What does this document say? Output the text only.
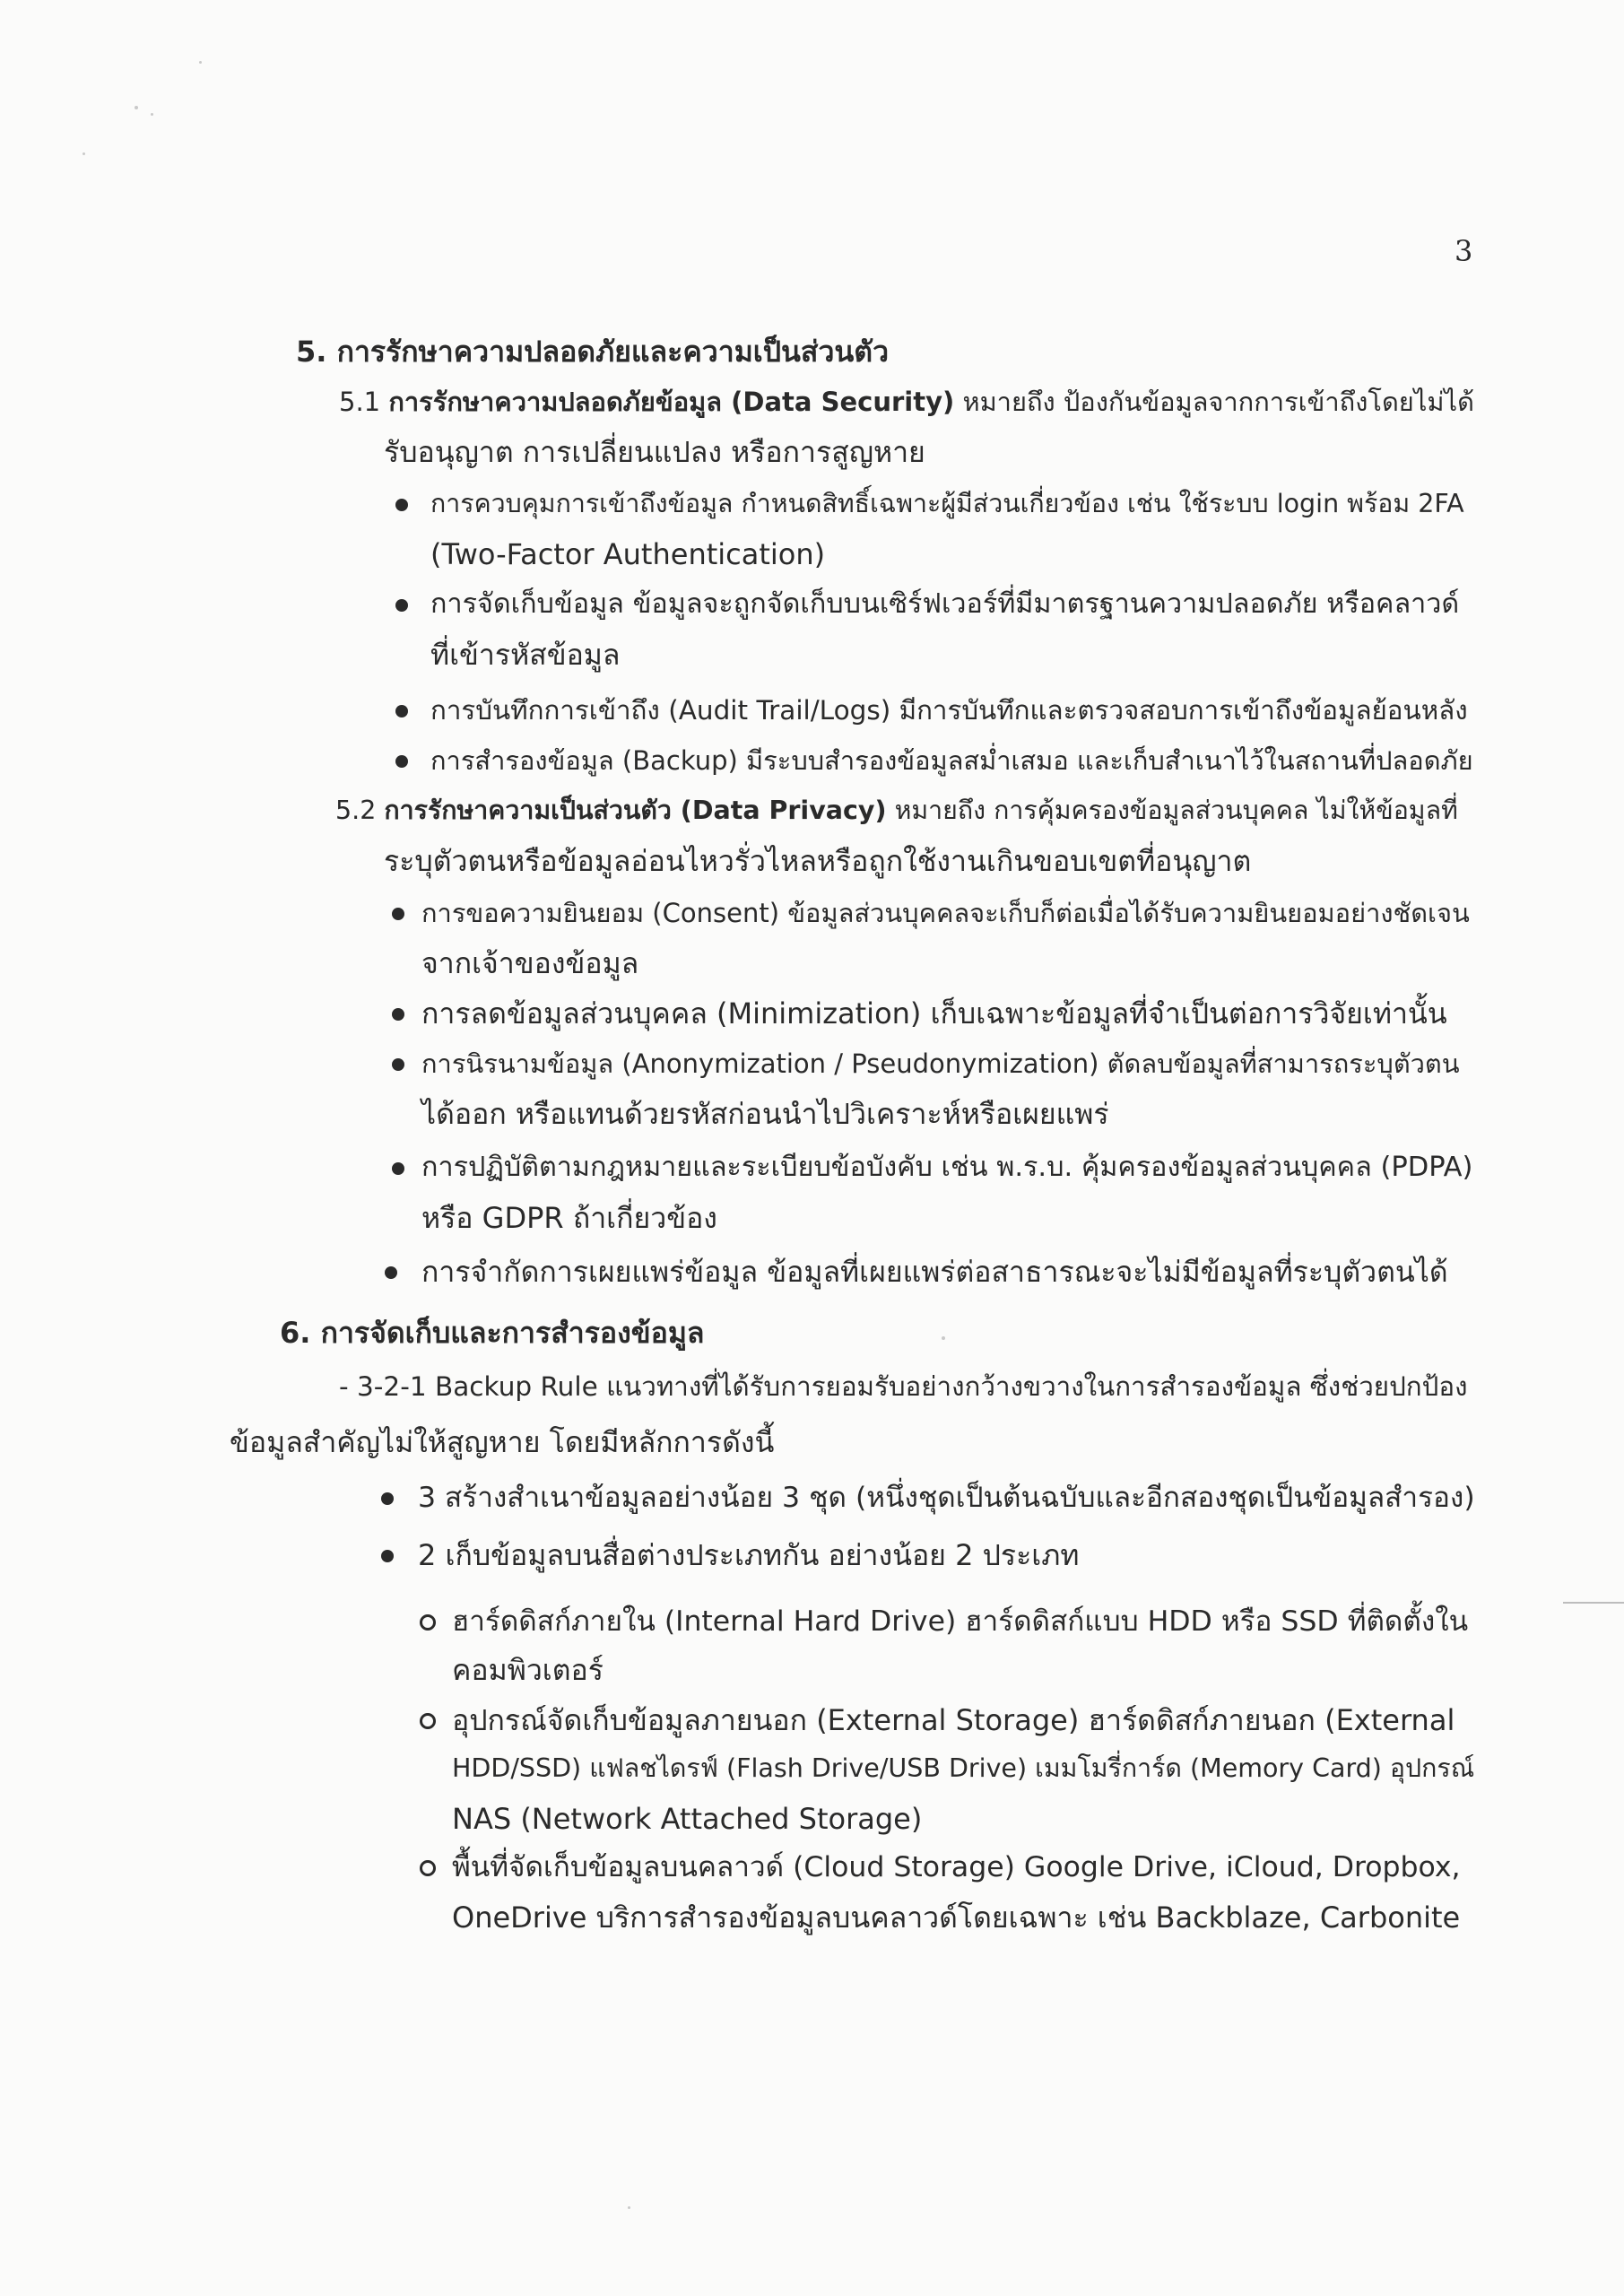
3
5. การรักษาความปลอดภัยและความเป็นส่วนตัว
5.1 การรักษาความปลอดภัยข้อมูล (Data Security) หมายถึง ป้องกันข้อมูลจากการเข้าถึงโดยไม่ได้
รับอนุญาต การเปลี่ยนแปลง หรือการสูญหาย
การควบคุมการเข้าถึงข้อมูล กำหนดสิทธิ์เฉพาะผู้มีส่วนเกี่ยวข้อง เช่น ใช้ระบบ login พร้อม 2FA
(Two-Factor Authentication)
การจัดเก็บข้อมูล ข้อมูลจะถูกจัดเก็บบนเซิร์ฟเวอร์ที่มีมาตรฐานความปลอดภัย หรือคลาวด์
ที่เข้ารหัสข้อมูล
การบันทึกการเข้าถึง (Audit Trail/Logs) มีการบันทึกและตรวจสอบการเข้าถึงข้อมูลย้อนหลัง
การสำรองข้อมูล (Backup) มีระบบสำรองข้อมูลสม่ำเสมอ และเก็บสำเนาไว้ในสถานที่ปลอดภัย
5.2 การรักษาความเป็นส่วนตัว (Data Privacy) หมายถึง การคุ้มครองข้อมูลส่วนบุคคล ไม่ให้ข้อมูลที่
ระบุตัวตนหรือข้อมูลอ่อนไหวรั่วไหลหรือถูกใช้งานเกินขอบเขตที่อนุญาต
การขอความยินยอม (Consent) ข้อมูลส่วนบุคคลจะเก็บก็ต่อเมื่อได้รับความยินยอมอย่างชัดเจน
จากเจ้าของข้อมูล
การลดข้อมูลส่วนบุคคล (Minimization) เก็บเฉพาะข้อมูลที่จำเป็นต่อการวิจัยเท่านั้น
การนิรนามข้อมูล (Anonymization / Pseudonymization) ตัดลบข้อมูลที่สามารถระบุตัวตน
ได้ออก หรือแทนด้วยรหัสก่อนนำไปวิเคราะห์หรือเผยแพร่
การปฏิบัติตามกฎหมายและระเบียบข้อบังคับ เช่น พ.ร.บ. คุ้มครองข้อมูลส่วนบุคคล (PDPA)
หรือ GDPR ถ้าเกี่ยวข้อง
การจำกัดการเผยแพร่ข้อมูล ข้อมูลที่เผยแพร่ต่อสาธารณะจะไม่มีข้อมูลที่ระบุตัวตนได้
6. การจัดเก็บและการสำรองข้อมูล
- 3-2-1 Backup Rule แนวทางที่ได้รับการยอมรับอย่างกว้างขวางในการสำรองข้อมูล ซึ่งช่วยปกป้อง
ข้อมูลสำคัญไม่ให้สูญหาย โดยมีหลักการดังนี้
3 สร้างสำเนาข้อมูลอย่างน้อย 3 ชุด (หนึ่งชุดเป็นต้นฉบับและอีกสองชุดเป็นข้อมูลสำรอง)
2 เก็บข้อมูลบนสื่อต่างประเภทกัน อย่างน้อย 2 ประเภท
ฮาร์ดดิสก์ภายใน (Internal Hard Drive) ฮาร์ดดิสก์แบบ HDD หรือ SSD ที่ติดตั้งใน
คอมพิวเตอร์
อุปกรณ์จัดเก็บข้อมูลภายนอก (External Storage) ฮาร์ดดิสก์ภายนอก (External
HDD/SSD) แฟลชไดรฟ์ (Flash Drive/USB Drive) เมมโมรี่การ์ด (Memory Card) อุปกรณ์
NAS (Network Attached Storage)
พื้นที่จัดเก็บข้อมูลบนคลาวด์ (Cloud Storage) Google Drive, iCloud, Dropbox,
OneDrive บริการสำรองข้อมูลบนคลาวด์โดยเฉพาะ เช่น Backblaze, Carbonite
